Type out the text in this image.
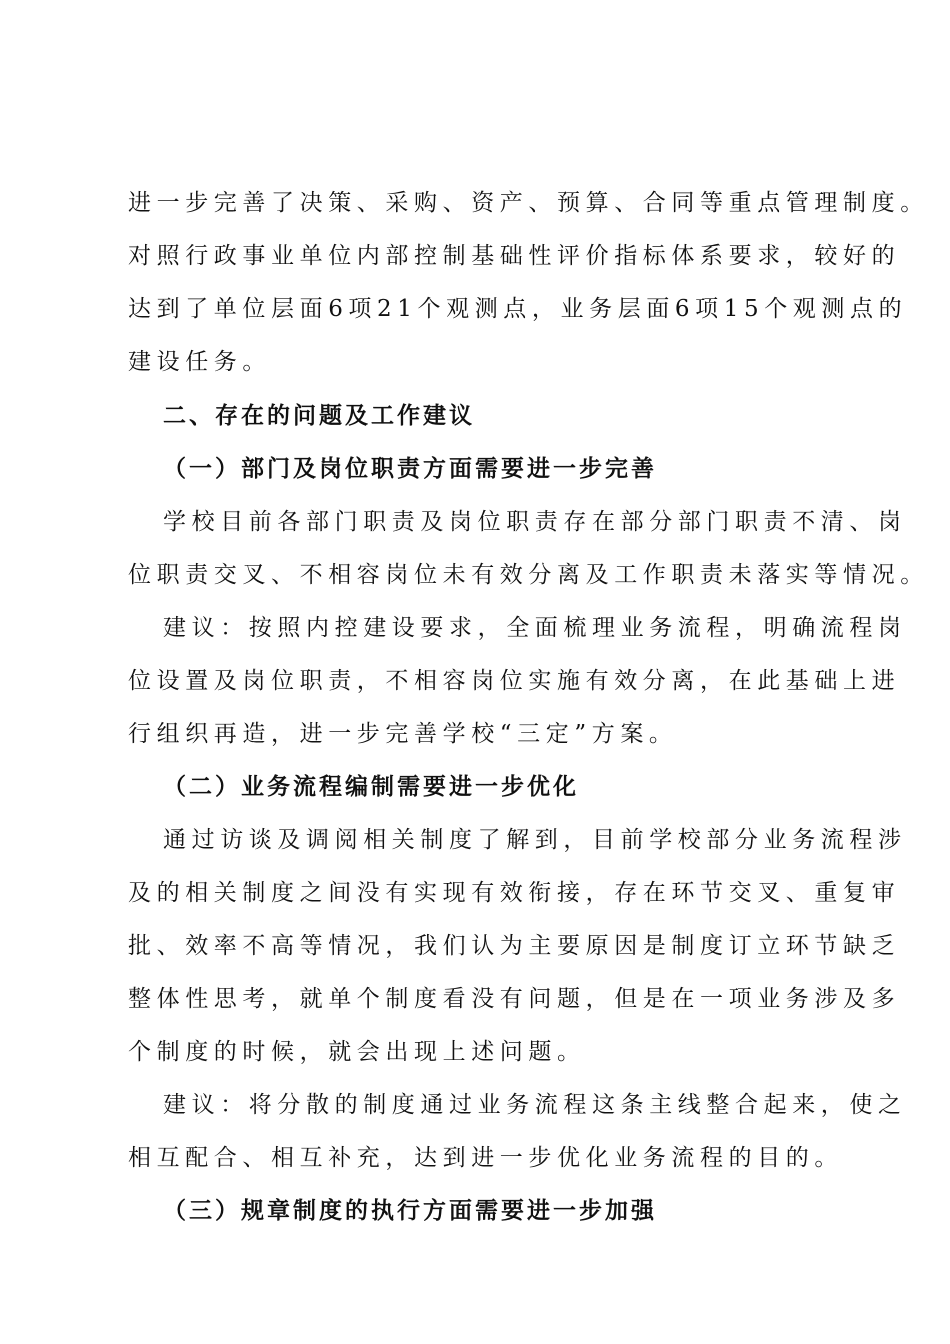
进一步完善了决策、采购、资产、预算、合同等重点管理制度。
对照行政事业单位内部控制基础性评价指标体系要求，较好的
达到了单位层面6项21个观测点，业务层面6项15个观测点的
建设任务。
二、存在的问题及工作建议
（一）部门及岗位职责方面需要进一步完善
学校目前各部门职责及岗位职责存在部分部门职责不清、岗
位职责交叉、不相容岗位未有效分离及工作职责未落实等情况。
建议：按照内控建设要求，全面梳理业务流程，明确流程岗
位设置及岗位职责，不相容岗位实施有效分离，在此基础上进
行组织再造，进一步完善学校“三定”方案。
（二）业务流程编制需要进一步优化
通过访谈及调阅相关制度了解到，目前学校部分业务流程涉
及的相关制度之间没有实现有效衔接，存在环节交叉、重复审
批、效率不高等情况，我们认为主要原因是制度订立环节缺乏
整体性思考，就单个制度看没有问题，但是在一项业务涉及多
个制度的时候，就会出现上述问题。
建议：将分散的制度通过业务流程这条主线整合起来，使之
相互配合、相互补充，达到进一步优化业务流程的目的。
（三）规章制度的执行方面需要进一步加强
